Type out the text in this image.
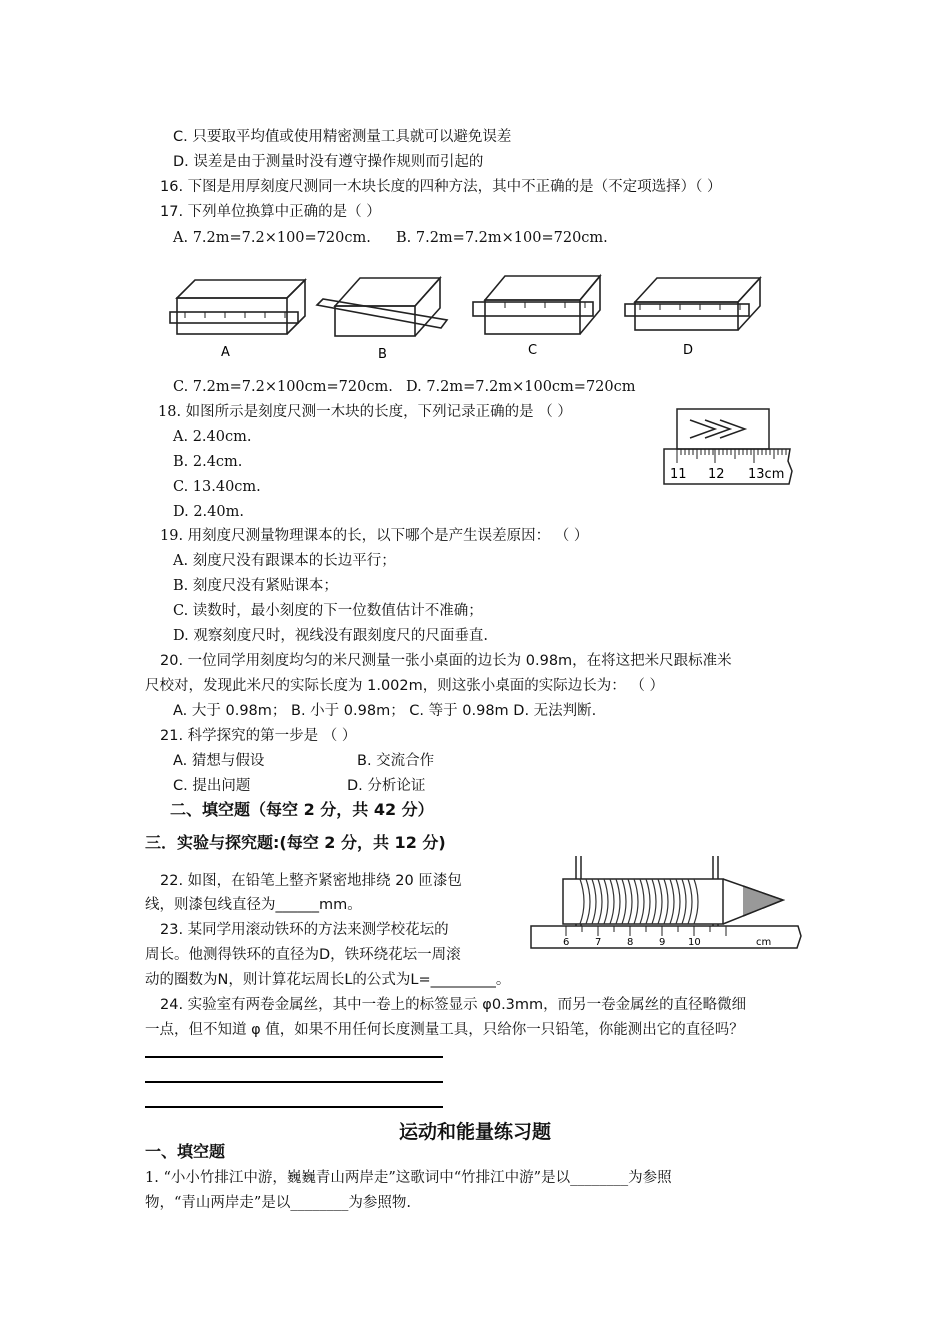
C. 只要取平均值或使用精密测量工具就可以避免误差
D. 误差是由于测量时没有遵守操作规则而引起的
16. 下图是用厚刻度尺测同一木块长度的四种方法，其中不正确的是（不定项选择）（ ）
17. 下列单位换算中正确的是（ ）
A. 7.2m=7.2×100=720cm. B. 7.2m=7.2m×100=720cm.
A	B	C	D
C. 7.2m=7.2×100cm=720cm. D. 7.2m=7.2m×100cm=720cm
18. 如图所示是刻度尺测一木块的长度，下列记录正确的是 （ ）
A. 2.40cm.
B. 2.4cm.
C. 13.40cm.
D. 2.40m.
11 12 13cm
19. 用刻度尺测量物理课本的长，以下哪个是产生误差原因： （ ）
A. 刻度尺没有跟课本的长边平行；
B. 刻度尺没有紧贴课本；
C. 读数时，最小刻度的下一位数值估计不准确；
D. 观察刻度尺时，视线没有跟刻度尺的尺面垂直.
20. 一位同学用刻度均匀的米尺测量一张小桌面的边长为 0.98m，在将这把米尺跟标准米
尺校对，发现此米尺的实际长度为 1.002m，则这张小桌面的实际边长为： （ ）
A. 大于 0.98m； B. 小于 0.98m； C. 等于 0.98m D. 无法判断.
21. 科学探究的第一步是 （ ）
A. 猜想与假设	B. 交流合作
C. 提出问题	D. 分析论证
二、填空题（每空 2 分，共 42 分）
三．实验与探究题:(每空 2 分，共 12 分)
22. 如图，在铅笔上整齐紧密地排绕 20 匝漆包
线，则漆包线直径为______mm。
23. 某同学用滚动铁环的方法来测学校花坛的
周长。他测得铁环的直径为D，铁环绕花坛一周滚
动的圈数为N，则计算花坛周长L的公式为L=_________。
6	7	8	9 10	cm
24. 实验室有两卷金属丝，其中一卷上的标签显示 φ0.3mm，而另一卷金属丝的直径略微细
一点，但不知道 φ 值，如果不用任何长度测量工具，只给你一只铅笔，你能测出它的直径吗？
运动和能量练习题
一、填空题
1. “小小竹排江中游，巍巍青山两岸走”这歌词中“竹排江中游”是以________为参照
物，“青山两岸走”是以________为参照物.
